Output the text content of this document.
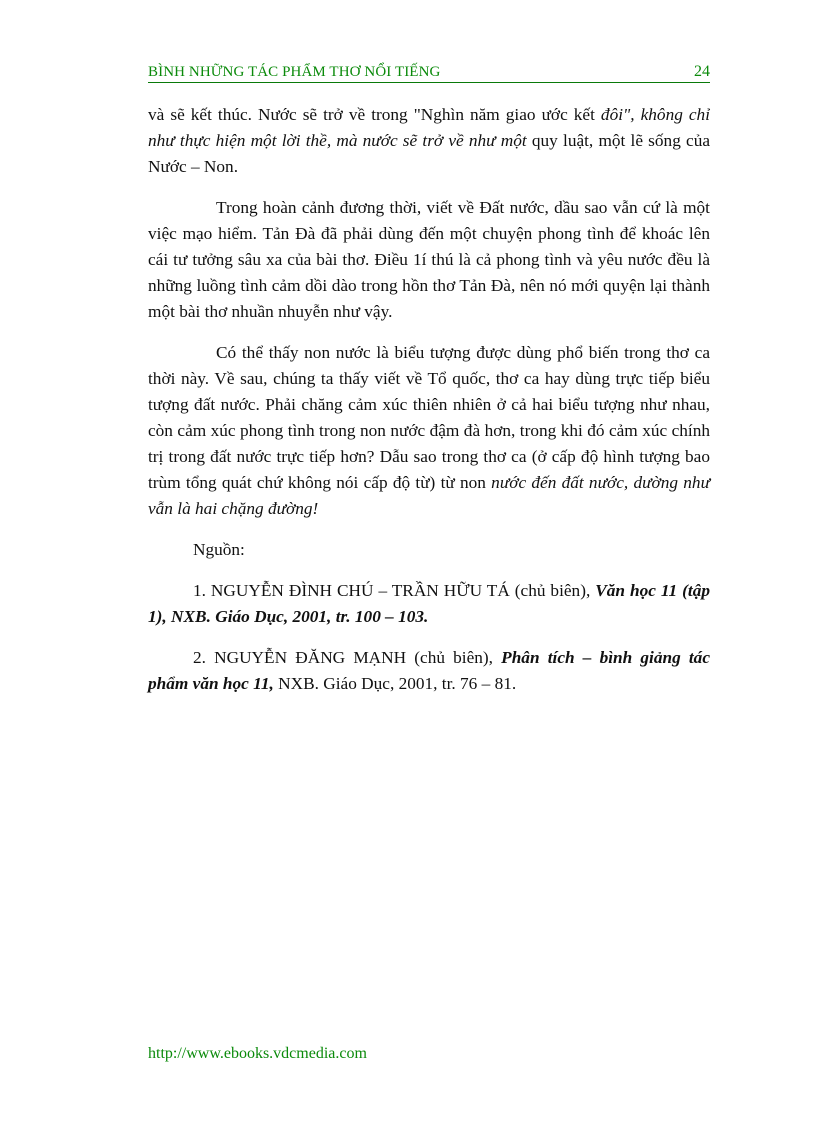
BÌNH NHỮNG TÁC PHẨM THƠ NỔI TIẾNG	24

và sẽ kết thúc. Nước sẽ trở về trong "Nghìn năm giao ước kết đôi", không chỉ như thực hiện một lời thề, mà nước sẽ trở về như một quy luật, một lẽ sống của Nước – Non.

Trong hoàn cảnh đương thời, viết về Đất nước, dầu sao vẫn cứ là một việc mạo hiểm. Tản Đà đã phải dùng đến một chuyện phong tình để khoác lên cái tư tưởng sâu xa của bài thơ. Điều 1í thú là cả phong tình và yêu nước đều là những luồng tình cảm dồi dào trong hồn thơ Tản Đà, nên nó mới quyện lại thành một bài thơ nhuần nhuyễn như vậy.

Có thể thấy non nước là biểu tượng được dùng phổ biến trong thơ ca thời này. Về sau, chúng ta thấy viết về Tổ quốc, thơ ca hay dùng trực tiếp biểu tượng đất nước. Phải chăng cảm xúc thiên nhiên ở cả hai biểu tượng như nhau, còn cảm xúc phong tình trong non nước đậm đà hơn, trong khi đó cảm xúc chính trị trong đất nước trực tiếp hơn? Dẫu sao trong thơ ca (ở cấp độ hình tượng bao trùm tổng quát chứ không nói cấp độ từ) từ non nước đến đất nước, dường như vẫn là hai chặng đường!

Nguồn:

1. NGUYỄN ĐÌNH CHÚ – TRẦN HỮU TÁ (chủ biên), Văn học 11 (tập 1), NXB. Giáo Dục, 2001, tr. 100 – 103.

2. NGUYỄN ĐĂNG MẠNH (chủ biên), Phân tích – bình giảng tác phẩm văn học 11, NXB. Giáo Dục, 2001, tr. 76 – 81.

http://www.ebooks.vdcmedia.com
